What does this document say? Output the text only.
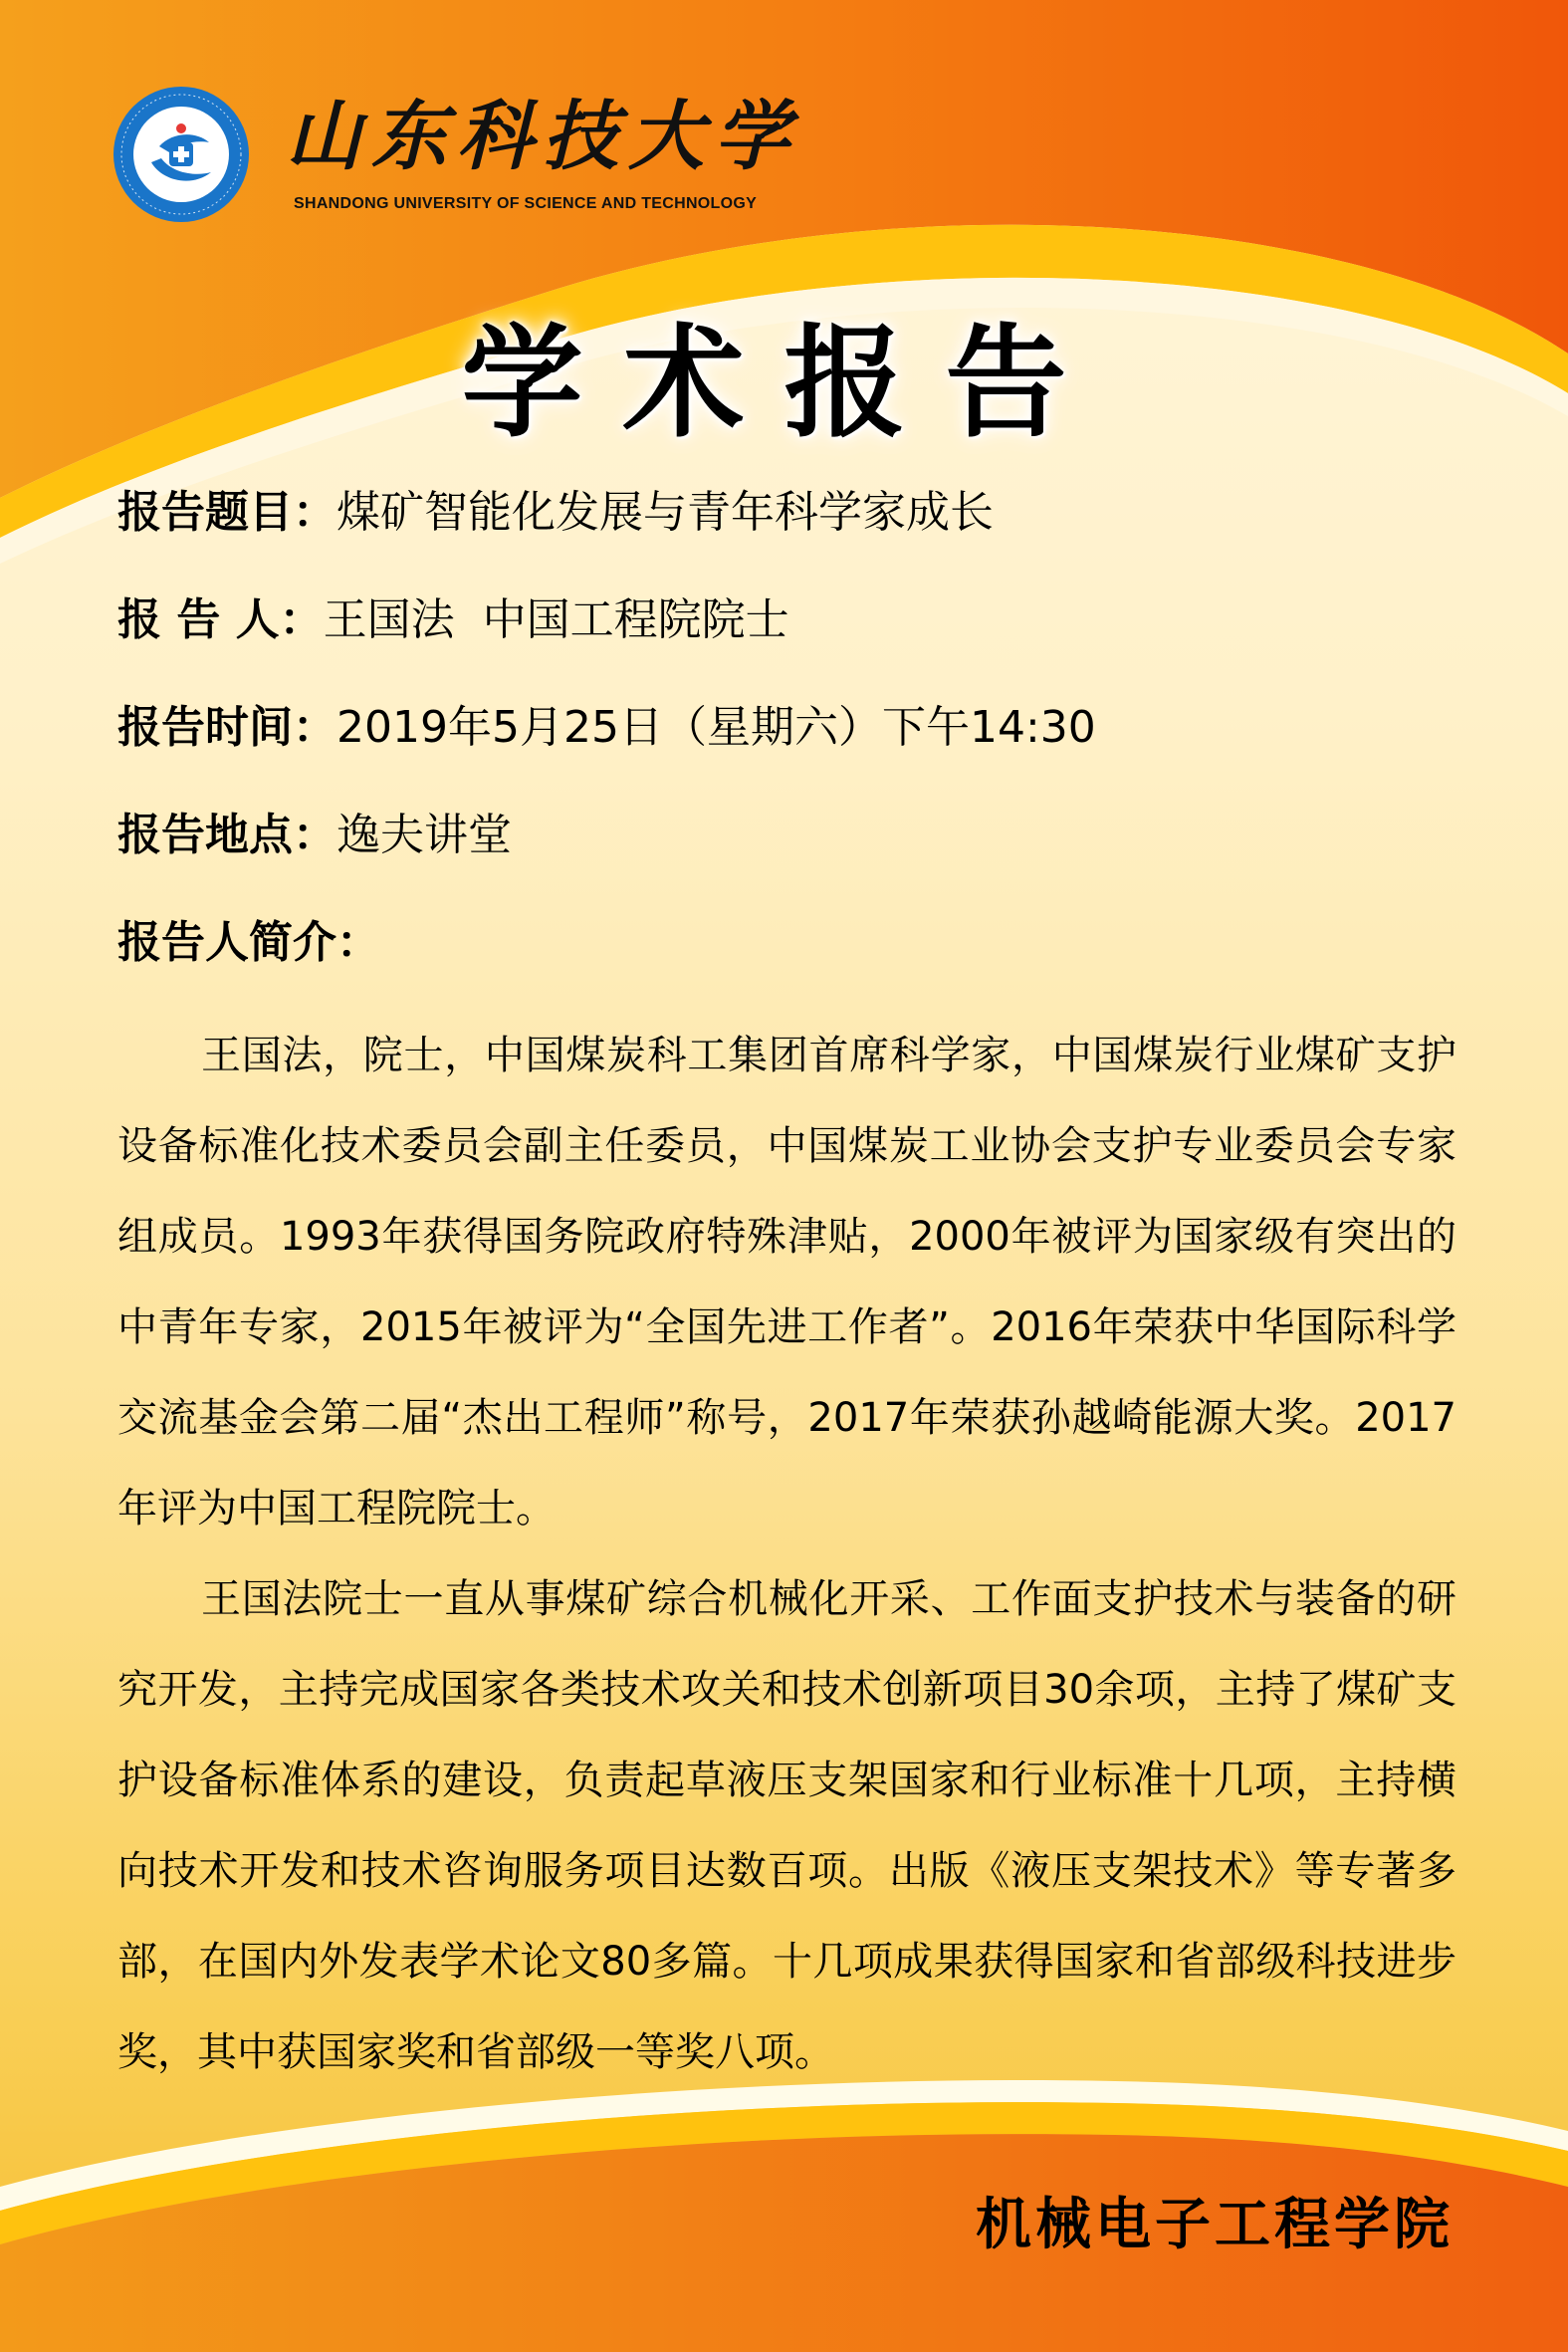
山东科技大学
SHANDONG UNIVERSITY OF SCIENCE AND TECHNOLOGY
学术报告
报告题目：煤矿智能化发展与青年科学家成长
报 告 人：王国法  中国工程院院士
报告时间：2019年5月25日（星期六）下午14:30
报告地点：逸夫讲堂
报告人简介：

王国法，院士，中国煤炭科工集团首席科学家，中国煤炭行业煤矿支护设备标准化技术委员会副主任委员，中国煤炭工业协会支护专业委员会专家组成员。1993年获得国务院政府特殊津贴，2000年被评为国家级有突出的中青年专家，2015年被评为“全国先进工作者”。2016年荣获中华国际科学交流基金会第二届“杰出工程师”称号，2017年荣获孙越崎能源大奖。2017年评为中国工程院院士。

王国法院士一直从事煤矿综合机械化开采、工作面支护技术与装备的研究开发，主持完成国家各类技术攻关和技术创新项目30余项，主持了煤矿支护设备标准体系的建设，负责起草液压支架国家和行业标准十几项，主持横向技术开发和技术咨询服务项目达数百项。出版《液压支架技术》等专著多部，在国内外发表学术论文80多篇。十几项成果获得国家和省部级科技进步奖，其中获国家奖和省部级一等奖八项。

机械电子工程学院
